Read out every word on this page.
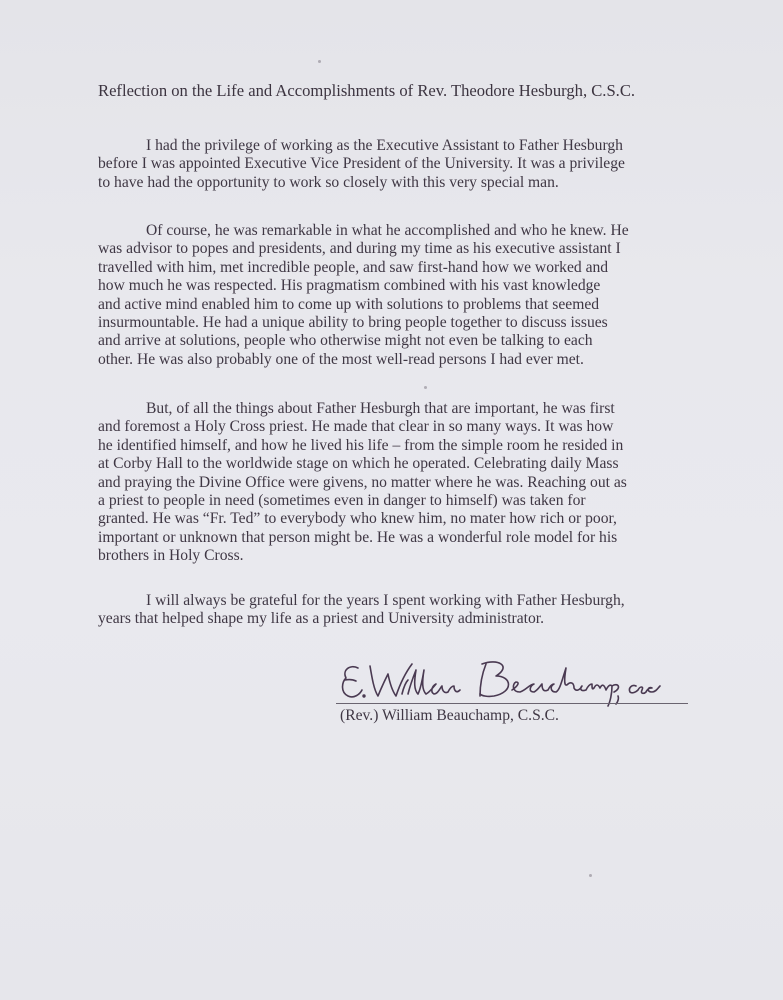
Reflection on the Life and Accomplishments of Rev. Theodore Hesburgh, C.S.C.

I had the privilege of working as the Executive Assistant to Father Hesburgh
before I was appointed Executive Vice President of the University. It was a privilege
to have had the opportunity to work so closely with this very special man.

Of course, he was remarkable in what he accomplished and who he knew. He
was advisor to popes and presidents, and during my time as his executive assistant I
travelled with him, met incredible people, and saw first-hand how we worked and
how much he was respected. His pragmatism combined with his vast knowledge
and active mind enabled him to come up with solutions to problems that seemed
insurmountable. He had a unique ability to bring people together to discuss issues
and arrive at solutions, people who otherwise might not even be talking to each
other. He was also probably one of the most well-read persons I had ever met.

But, of all the things about Father Hesburgh that are important, he was first
and foremost a Holy Cross priest. He made that clear in so many ways. It was how
he identified himself, and how he lived his life – from the simple room he resided in
at Corby Hall to the worldwide stage on which he operated. Celebrating daily Mass
and praying the Divine Office were givens, no matter where he was. Reaching out as
a priest to people in need (sometimes even in danger to himself) was taken for
granted. He was “Fr. Ted” to everybody who knew him, no mater how rich or poor,
important or unknown that person might be. He was a wonderful role model for his
brothers in Holy Cross.

I will always be grateful for the years I spent working with Father Hesburgh,
years that helped shape my life as a priest and University administrator.

(Rev.) William Beauchamp, C.S.C.
